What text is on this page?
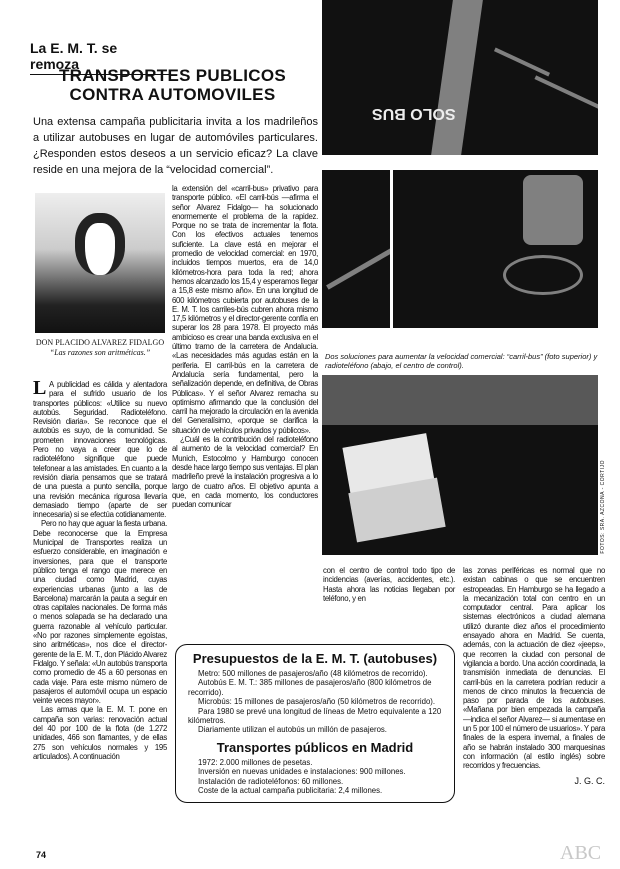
La E. M. T. se remoza
TRANSPORTES PUBLICOS CONTRA AUTOMOVILES
Una extensa campaña publicitaria invita a los madrileños a utilizar autobuses en lugar de automóviles particulares. ¿Responden estos deseos a un servicio eficaz? La clave reside en una mejora de la “velocidad comercial”.
DON PLACIDO ALVAREZ FIDALGO
“Las razones son aritméticas.”

L A publicidad es cálida y alentadora para el sufrido usuario de los transportes públicos: «Utilice su nuevo autobús. Seguridad. Radioteléfono. Revisión diaria». Se reconoce que el autobús es suyo, de la comunidad. Se prometen innovaciones tecnológicas. Pero no vaya a creer que lo de radioteléfono signifique que puede telefonear a las amistades. En cuanto a la revisión diaria pensamos que se tratará de una puesta a punto sencilla, porque una revisión mecánica rigurosa llevaría demasiado tiempo (aparte de ser innecesaria) si se efectúa cotidianamente.

Pero no hay que aguar la fiesta urbana. Debe reconocerse que la Empresa Municipal de Transportes realiza un esfuerzo considerable, en imaginación e inversiones, para que el transporte público tenga el rango que merece en una ciudad como Madrid, cuyas experiencias urbanas (junto a las de Barcelona) marcarán la pauta a seguir en otras capitales nacionales. De forma más o menos solapada se ha declarado una guerra razonable al vehículo particular. «No por razones simplemente egoístas, sino aritméticas», nos dice el director-gerente de la E. M. T., don Plácido Alvarez Fidalgo. Y señala: «Un autobús transporta como promedio de 45 a 60 personas en cada viaje. Para este mismo número de pasajeros el automóvil ocupa un espacio veinte veces mayor».

Las armas que la E. M. T. pone en campaña son varias: renovación actual del 40 por 100 de la flota (de 1.272 unidades, 466 son flamantes, y de ellas 275 son vehículos normales y 195 articulados). A continuación

la extensión del «carril-bus» privativo para transporte público. «El carril-bús —afirma el señor Alvarez Fidalgo— ha solucionado enormemente el problema de la rapidez. Porque no se trata de incrementar la flota. Con los efectivos actuales tenemos suficiente. La clave está en mejorar el promedio de velocidad comercial: en 1970, incluidos tiempos muertos, era de 14,0 kilómetros-hora para toda la red; ahora hemos alcanzado los 15,4 y esperamos llegar a 15,8 este mismo año». En una longitud de 600 kilómetros cubierta por autobuses de la E. M. T. los carriles-bús cubren ahora mismo 17,5 kilómetros y el director-gerente confía en superar los 28 para 1978. El proyecto más ambicioso es crear una banda exclusiva en el último tramo de la carretera de Andalucía. «Las necesidades más agudas están en la periferia. El carril-bús en la carretera de Andalucía sería fundamental, pero la señalización depende, en definitiva, de Obras Públicas». Y el señor Alvarez remacha su optimismo afirmando que la conclusión del carril ha mejorado la circulación en la avenida del Generalísimo, «porque se clarifica la situación de vehículos privados y públicos».

¿Cuál es la contribución del radioteléfono al aumento de la velocidad comercial? En Munich, Estocolmo y Hamburgo conocen desde hace largo tiempo sus ventajas. El plan madrileño prevé la instalación progresiva a lo largo de cuatro años. El objetivo apunta a que, en cada momento, los conductores puedan comunicar

SOLO BUS
Dos soluciones para aumentar la velocidad comercial: “carril-bus” (foto superior) y radioteléfono (abajo, el centro de control).
FOTOS: SRA. AZCONA - CORTIJO
con el centro de control todo tipo de incidencias (averías, accidentes, etc.). Hasta ahora las noticias llegaban por teléfono, y en

las zonas periféricas es normal que no existan cabinas o que se encuentren estropeadas. En Hamburgo se ha llegado a la mecanización total con centro en un computador central. Para aplicar los sistemas electrónicos a ciudad alemana utilizó durante diez años el procedimiento ensayado ahora en Madrid. Se cuenta, además, con la actuación de diez «jeeps», que recorren la ciudad con personal de vigilancia a bordo. Una acción coordinada, la transmisión inmediata de denuncias. El carril-bús en la carretera podrían reducir a menos de cinco minutos la frecuencia de paso por parada de los autobuses. «Mañana por bien empezada la campaña —indica el señor Alvarez— si aumentase en un 5 por 100 el número de usuarios». Y para finales de la espera invernal, a finales de año se habrán instalado 300 marquesinas con información (al estilo inglés) sobre recorridos y frecuencias.

J. G. C.
Presupuestos de la E. M. T. (autobuses)

Metro: 500 millones de pasajeros/año (48 kilómetros de recorrido).

Autobús E. M. T.: 385 millones de pasajeros/año (800 kilómetros de recorrido).

Microbús: 15 millones de pasajeros/año (50 kilómetros de recorrido).

Para 1980 se prevé una longitud de líneas de Metro equivalente a 120 kilómetros.

Diariamente utilizan el autobús un millón de pasajeros.

Transportes públicos en Madrid

1972: 2.000 millones de pesetas.

Inversión en nuevas unidades e instalaciones: 900 millones.

Instalación de radioteléfonos: 60 millones.

Coste de la actual campaña publicitaria: 2,4 millones.

74	ABC
